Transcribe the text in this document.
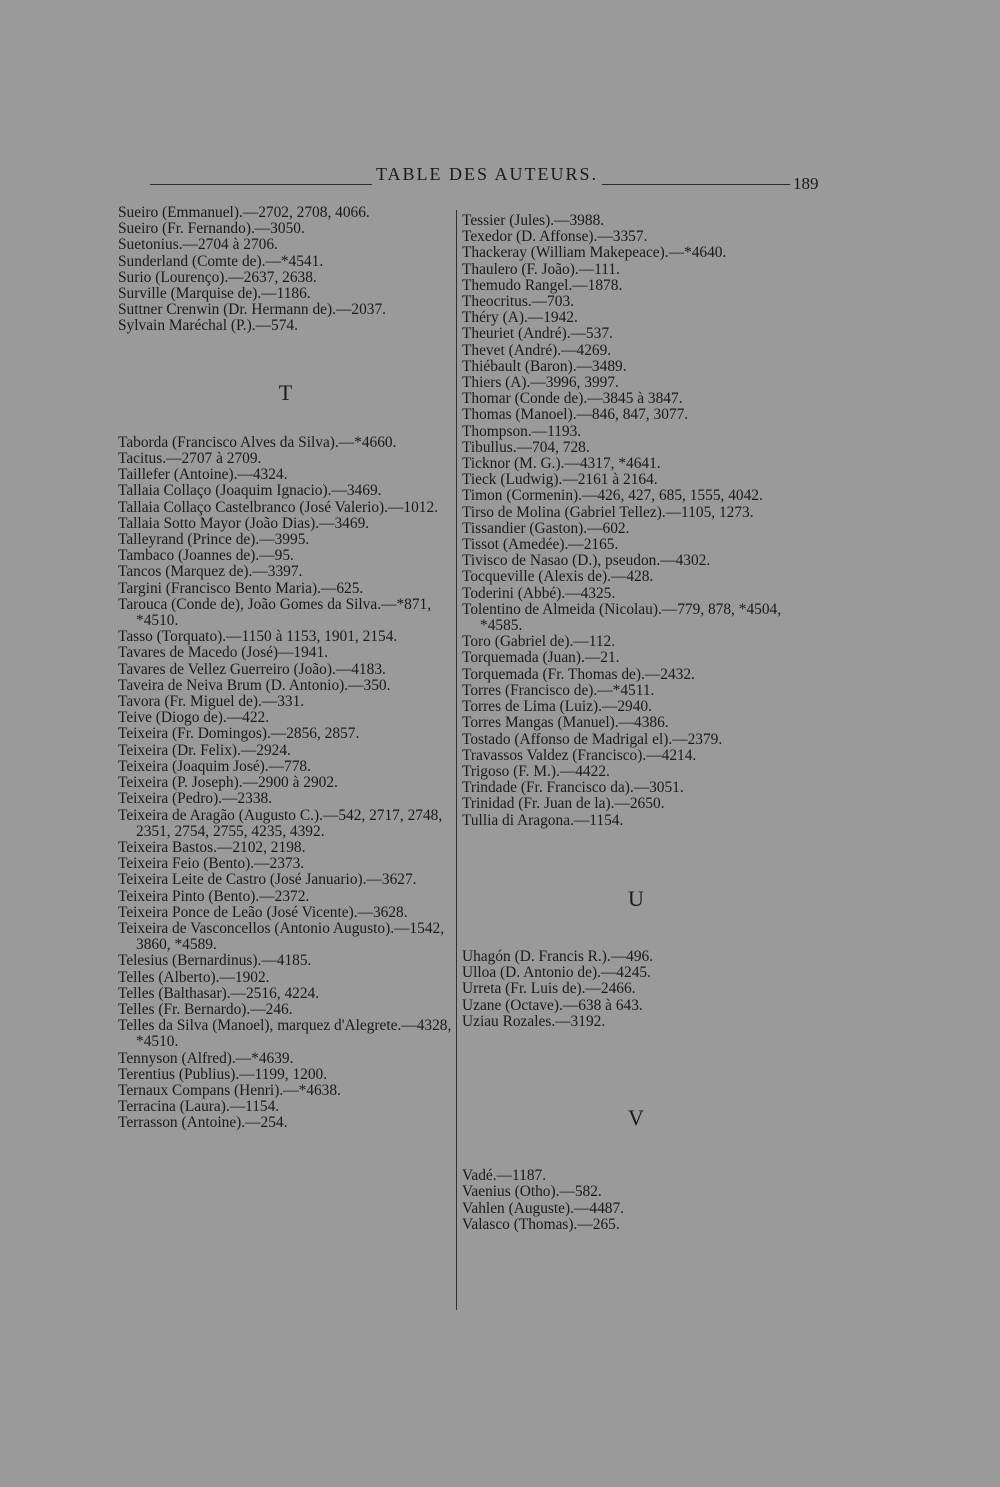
TABLE DES AUTEURS.	189

Sueiro (Emmanuel).—2702, 2708, 4066.

Sueiro (Fr. Fernando).—3050.

Suetonius.—2704 à 2706.

Sunderland (Comte de).—*4541.

Surio (Lourenço).—2637, 2638.

Surville (Marquise de).—1186.

Suttner Crenwin (Dr. Hermann de).—2037.

Sylvain Maréchal (P.).—574.

T

Taborda (Francisco Alves da Silva).—*4660.

Tacitus.—2707 à 2709.

Taillefer (Antoine).—4324.

Tallaia Collaço (Joaquim Ignacio).—3469.

Tallaia Collaço Castelbranco (José Valerio).—1012.

Tallaia Sotto Mayor (João Dias).—3469.

Talleyrand (Prince de).—3995.

Tambaco (Joannes de).—95.

Tancos (Marquez de).—3397.

Targini (Francisco Bento Maria).—625.

Tarouca (Conde de), João Gomes da Silva.—*871, *4510.

Tasso (Torquato).—1150 à 1153, 1901, 2154.

Tavares de Macedo (José)—1941.

Tavares de Vellez Guerreiro (João).—4183.

Taveira de Neiva Brum (D. Antonio).—350.

Tavora (Fr. Miguel de).—331.

Teive (Diogo de).—422.

Teixeira (Fr. Domingos).—2856, 2857.

Teixeira (Dr. Felix).—2924.

Teixeira (Joaquim José).—778.

Teixeira (P. Joseph).—2900 à 2902.

Teixeira (Pedro).—2338.

Teixeira de Aragão (Augusto C.).—542, 2717, 2748, 2351, 2754, 2755, 4235, 4392.

Teixeira Bastos.—2102, 2198.

Teixeira Feio (Bento).—2373.

Teixeira Leite de Castro (José Januario).—3627.

Teixeira Pinto (Bento).—2372.

Teixeira Ponce de Leão (José Vicente).—3628.

Teixeira de Vasconcellos (Antonio Augusto).—1542, 3860, *4589.

Telesius (Bernardinus).—4185.

Telles (Alberto).—1902.

Telles (Balthasar).—2516, 4224.

Telles (Fr. Bernardo).—246.

Telles da Silva (Manoel), marquez d'Alegrete.—4328, *4510.

Tennyson (Alfred).—*4639.

Terentius (Publius).—1199, 1200.

Ternaux Compans (Henri).—*4638.

Terracina (Laura).—1154.

Terrasson (Antoine).—254.

Tessier (Jules).—3988.

Texedor (D. Affonse).—3357.

Thackeray (William Makepeace).—*4640.

Thaulero (F. João).—111.

Themudo Rangel.—1878.

Theocritus.—703.

Théry (A).—1942.

Theuriet (André).—537.

Thevet (André).—4269.

Thiébault (Baron).—3489.

Thiers (A).—3996, 3997.

Thomar (Conde de).—3845 à 3847.

Thomas (Manoel).—846, 847, 3077.

Thompson.—1193.

Tibullus.—704, 728.

Ticknor (M. G.).—4317, *4641.

Tieck (Ludwig).—2161 à 2164.

Timon (Cormenin).—426, 427, 685, 1555, 4042.

Tirso de Molina (Gabriel Tellez).—1105, 1273.

Tissandier (Gaston).—602.

Tissot (Amedée).—2165.

Tivisco de Nasao (D.), pseudon.—4302.

Tocqueville (Alexis de).—428.

Toderini (Abbé).—4325.

Tolentino de Almeida (Nicolau).—779, 878, *4504, *4585.

Toro (Gabriel de).—112.

Torquemada (Juan).—21.

Torquemada (Fr. Thomas de).—2432.

Torres (Francisco de).—*4511.

Torres de Lima (Luiz).—2940.

Torres Mangas (Manuel).—4386.

Tostado (Affonso de Madrigal el).—2379.

Travassos Valdez (Francisco).—4214.

Trigoso (F. M.).—4422.

Trindade (Fr. Francisco da).—3051.

Trinidad (Fr. Juan de la).—2650.

Tullia di Aragona.—1154.

U

Uhagón (D. Francis R.).—496.

Ulloa (D. Antonio de).—4245.

Urreta (Fr. Luis de).—2466.

Uzane (Octave).—638 à 643.

Uziau Rozales.—3192.

V

Vadé.—1187.

Vaenius (Otho).—582.

Vahlen (Auguste).—4487.

Valasco (Thomas).—265.
